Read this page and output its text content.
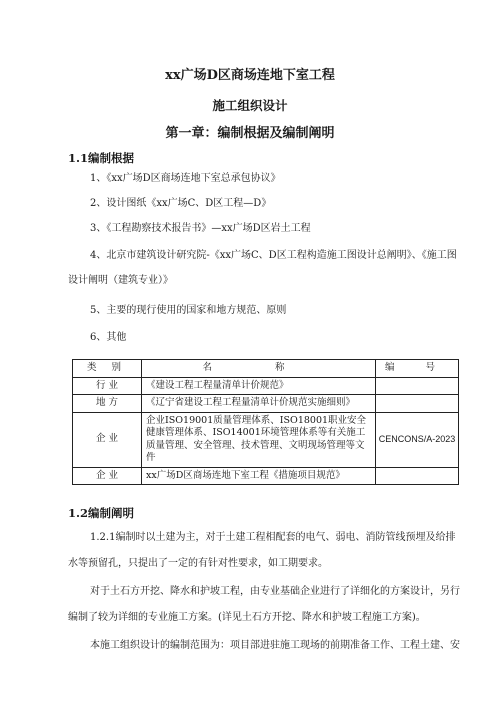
xx广场D区商场连地下室工程
施工组织设计
第一章：编制根据及编制阐明
1.1编制根据
1、《xx广场D区商场连地下室总承包协议》
2、设计图纸《xx广场C、D区工程—D》
3、《工程勘察技术报告书》—xx广场D区岩土工程
4、北京市建筑设计研究院-《xx广场C、D区工程构造施工图设计总阐明》、《施工图
设计阐明（建筑专业）》
5、主要的现行使用的国家和地方规范、原则
6、其他
类 别	名 称	编 号
行 业	《建设工程工程量清单计价规范》	
地 方	《辽宁省建设工程工程量清单计价规范实施细则》	
企 业	企业ISO19001质量管理体系、ISO18001职业安全健康管理体系、ISO14001环境管理体系等有关施工质量管理、安全管理、技术管理、文明现场管理等文件	CENCONS/A-2023
企 业	xx广场D区商场连地下室工程《措施项目规范》	
1.2编制阐明
1.2.1编制时以土建为主，对于土建工程相配套的电气、弱电、消防管线预埋及给排
水等预留孔，只提出了一定的有针对性要求，如工期要求。
对于土石方开挖、降水和护坡工程，由专业基础企业进行了详细化的方案设计，另行
编制了较为详细的专业施工方案。(详见土石方开挖、降水和护坡工程施工方案)。
本施工组织设计的编制范围为：项目部进驻施工现场的前期准备工作、工程土建、安
